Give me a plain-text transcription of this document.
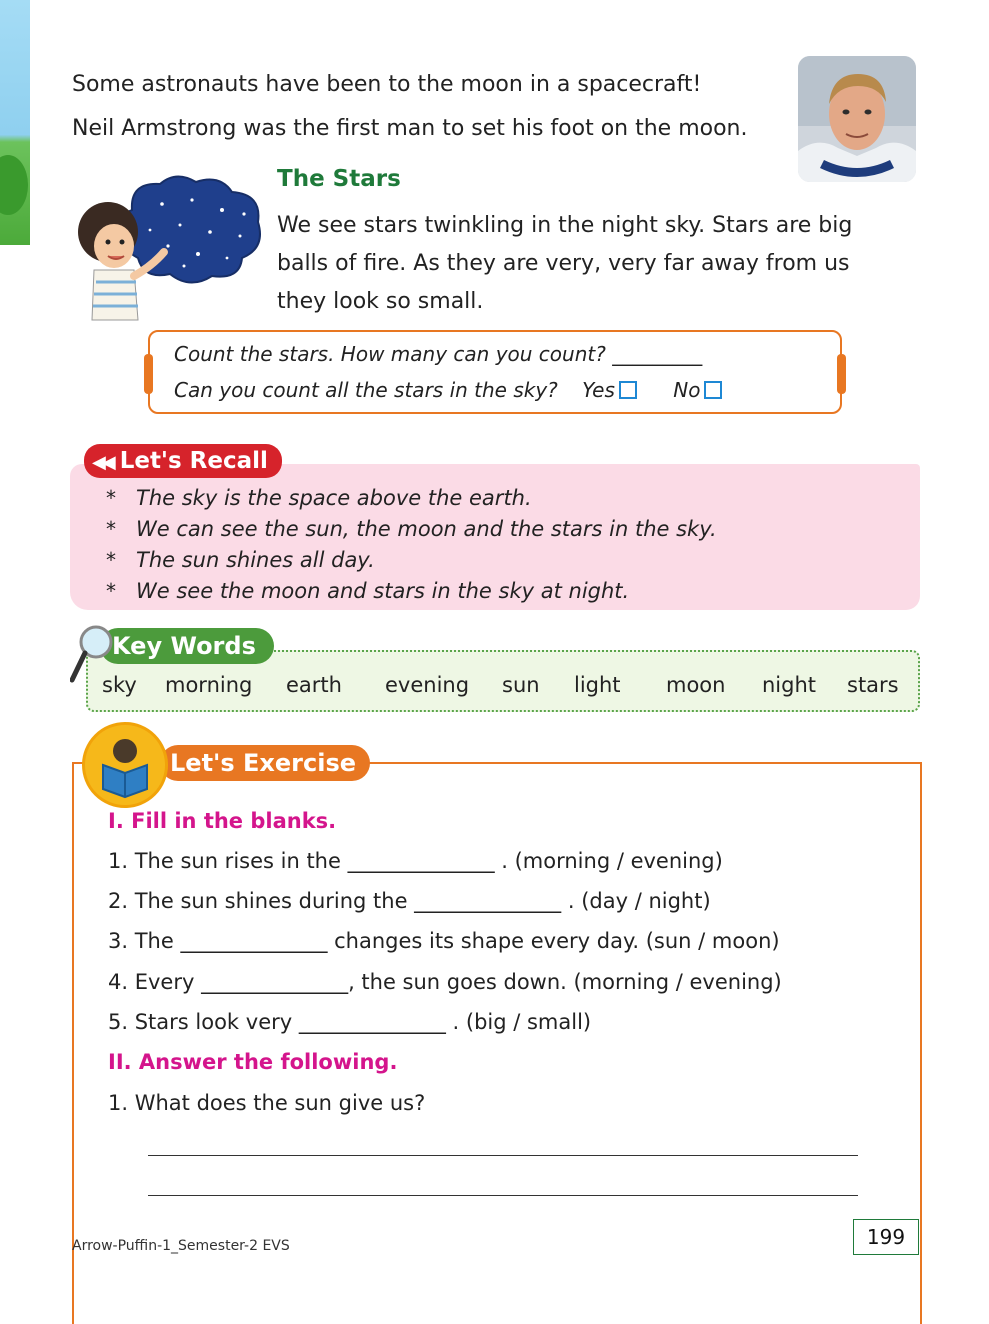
Some astronauts have been to the moon in a spacecraft!
Neil Armstrong was the first man to set his foot on the moon.
The Stars
We see stars twinkling in the night sky. Stars are big
balls of fire. As they are very, very far away from us
they look so small.
Count the stars. How many can you count? _________
Can you count all the stars in the sky? Yes	No
◀◀ Let's Recall
* The sky is the space above the earth.
* We can see the sun, the moon and the stars in the sky.
* The sun shines all day.
* We see the moon and stars in the sky at night.
Key Words
sky morning earth evening sun light moon night stars
Let's Exercise
I. Fill in the blanks.
1. The sun rises in the ______________ . (morning / evening)
2. The sun shines during the ______________ . (day / night)
3. The ______________ changes its shape every day. (sun / moon)
4. Every ______________, the sun goes down. (morning / evening)
5. Stars look very ______________ . (big / small)
II. Answer the following.
1. What does the sun give us?
Arrow-Puffin-1_Semester-2 EVS	199
